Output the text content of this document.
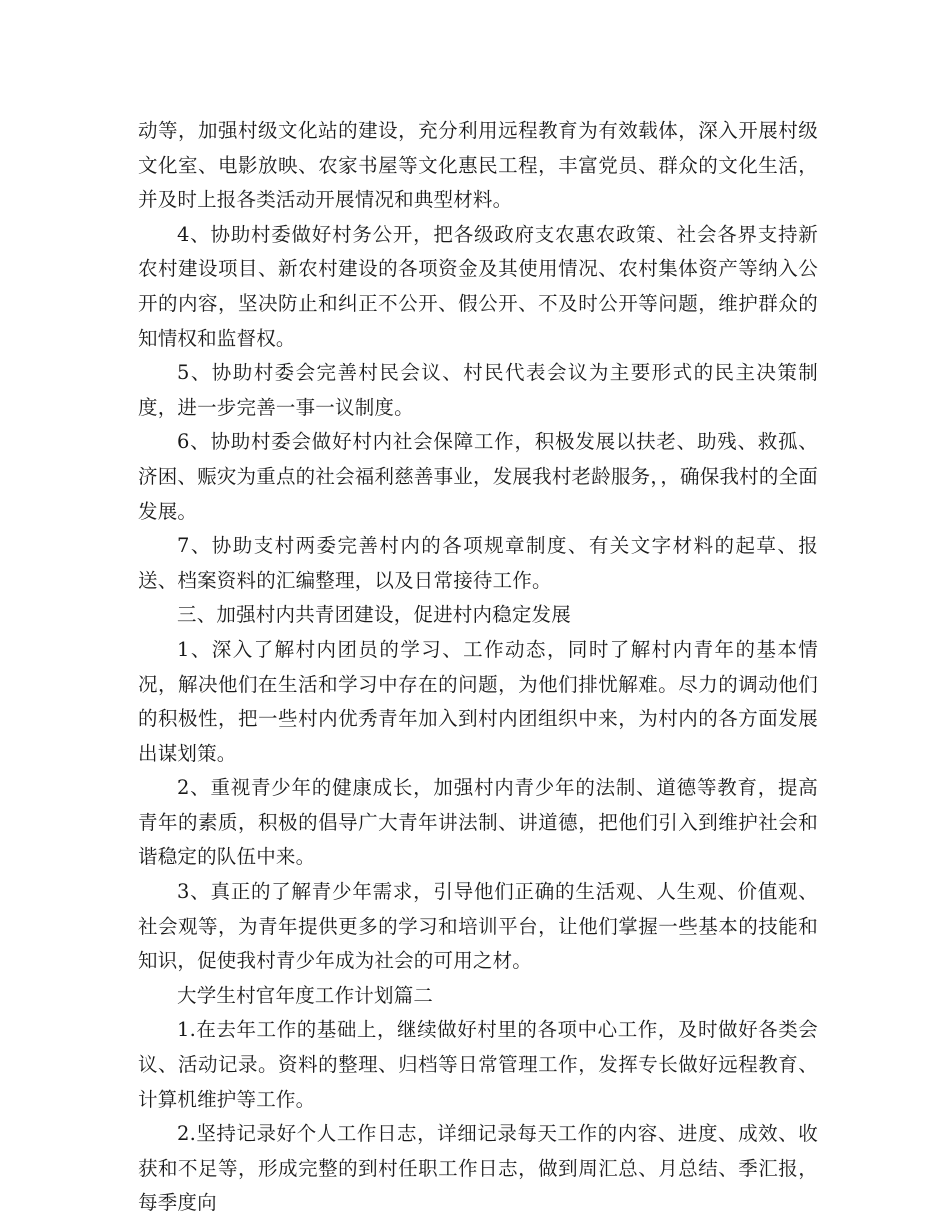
动等，加强村级文化站的建设，充分利用远程教育为有效载体，深入开展村级文化室、电影放映、农家书屋等文化惠民工程，丰富党员、群众的文化生活，并及时上报各类活动开展情况和典型材料。

4、协助村委做好村务公开，把各级政府支农惠农政策、社会各界支持新农村建设项目、新农村建设的各项资金及其使用情况、农村集体资产等纳入公开的内容，坚决防止和纠正不公开、假公开、不及时公开等问题，维护群众的知情权和监督权。

5、协助村委会完善村民会议、村民代表会议为主要形式的民主决策制度，进一步完善一事一议制度。

6、协助村委会做好村内社会保障工作，积极发展以扶老、助残、救孤、济困、赈灾为重点的社会福利慈善事业，发展我村老龄服务，，确保我村的全面发展。

7、协助支村两委完善村内的各项规章制度、有关文字材料的起草、报送、档案资料的汇编整理，以及日常接待工作。

三、加强村内共青团建设，促进村内稳定发展

1、深入了解村内团员的学习、工作动态，同时了解村内青年的基本情况，解决他们在生活和学习中存在的问题，为他们排忧解难。尽力的调动他们的积极性，把一些村内优秀青年加入到村内团组织中来，为村内的各方面发展出谋划策。

2、重视青少年的健康成长，加强村内青少年的法制、道德等教育，提高青年的素质，积极的倡导广大青年讲法制、讲道德，把他们引入到维护社会和谐稳定的队伍中来。

3、真正的了解青少年需求，引导他们正确的生活观、人生观、价值观、社会观等，为青年提供更多的学习和培训平台，让他们掌握一些基本的技能和知识，促使我村青少年成为社会的可用之材。

大学生村官年度工作计划篇二

1.在去年工作的基础上，继续做好村里的各项中心工作，及时做好各类会议、活动记录。资料的整理、归档等日常管理工作，发挥专长做好远程教育、计算机维护等工作。

2.坚持记录好个人工作日志，详细记录每天工作的内容、进度、成效、收获和不足等，形成完整的到村任职工作日志，做到周汇总、月总结、季汇报，每季度向
